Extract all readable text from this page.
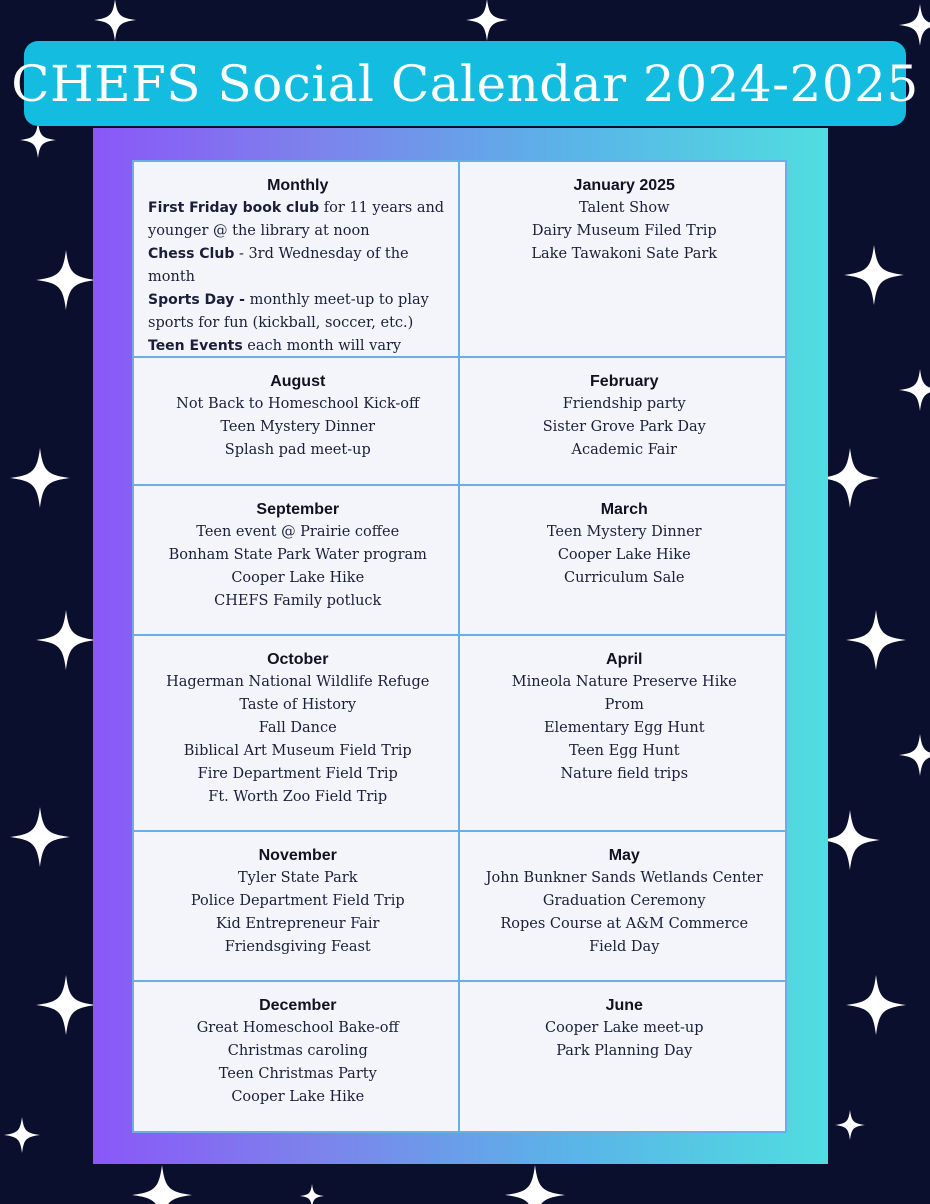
CHEFS Social Calendar 2024-2025
Monthly
First Friday book club for 11 years and younger @ the library at noon
Chess Club - 3rd Wednesday of the month
Sports Day - monthly meet-up to play sports for fun (kickball, soccer, etc.)
Teen Events each month will vary
January 2025
Talent Show
Dairy Museum Filed Trip
Lake Tawakoni Sate Park
August
Not Back to Homeschool Kick-off
Teen Mystery Dinner
Splash pad meet-up
February
Friendship party
Sister Grove Park Day
Academic Fair
September
Teen event @ Prairie coffee
Bonham State Park Water program
Cooper Lake Hike
CHEFS Family potluck
March
Teen Mystery Dinner
Cooper Lake Hike
Curriculum Sale
October
Hagerman National Wildlife Refuge
Taste of History
Fall Dance
Biblical Art Museum Field Trip
Fire Department Field Trip
Ft. Worth Zoo Field Trip
April
Mineola Nature Preserve Hike
Prom
Elementary Egg Hunt
Teen Egg Hunt
Nature field trips
November
Tyler State Park
Police Department Field Trip
Kid Entrepreneur Fair
Friendsgiving Feast
May
John Bunkner Sands Wetlands Center
Graduation Ceremony
Ropes Course at A&M Commerce
Field Day
December
Great Homeschool Bake-off
Christmas caroling
Teen Christmas Party
Cooper Lake Hike
June
Cooper Lake meet-up
Park Planning Day
